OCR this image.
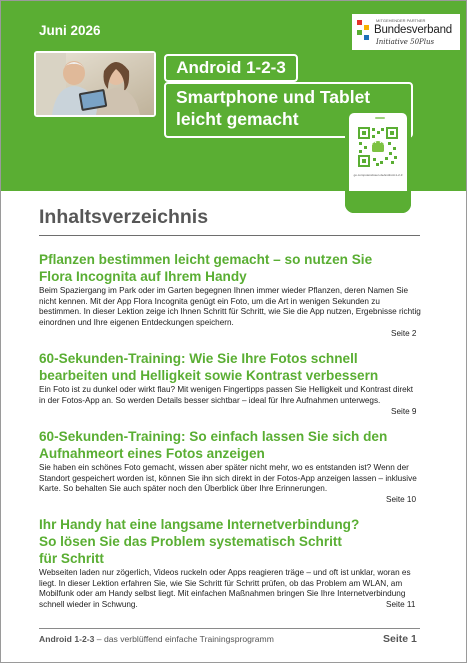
Juni 2026
MITGEHENDER PARTNER
Bundesverband
Initiative 50Plus
Android 1-2-3
Smartphone und Tablet
leicht gemacht
go.computerwissen.de/android-1-2-3
Inhaltsverzeichnis
Pflanzen bestimmen leicht gemacht – so nutzen Sie
Flora Incognita auf Ihrem Handy
Beim Spaziergang im Park oder im Garten begegnen Ihnen immer wieder Pflanzen, deren Namen Sie nicht kennen. Mit der App Flora Incognita genügt ein Foto, um die Art in wenigen Sekunden zu bestimmen. In dieser Lektion zeige ich Ihnen Schritt für Schritt, wie Sie die App nutzen, Ergebnisse richtig einordnen und Ihre eigenen Entdeckungen speichern.
Seite 2
60-Sekunden-Training: Wie Sie Ihre Fotos schnell
bearbeiten und Helligkeit sowie Kontrast verbessern
Ein Foto ist zu dunkel oder wirkt flau? Mit wenigen Fingertipps passen Sie Helligkeit und Kontrast direkt in der Fotos-App an. So werden Details besser sichtbar – ideal für Ihre Aufnahmen unterwegs.
Seite 9
60-Sekunden-Training: So einfach lassen Sie sich den
Aufnahmeort eines Fotos anzeigen
Sie haben ein schönes Foto gemacht, wissen aber später nicht mehr, wo es entstanden ist? Wenn der Standort gespeichert worden ist, können Sie ihn sich direkt in der Fotos-App anzeigen lassen – inklusive Karte. So behalten Sie auch später noch den Überblick über Ihre Erinnerungen.
Seite 10
Ihr Handy hat eine langsame Internetverbindung?
So lösen Sie das Problem systematisch Schritt
für Schritt
Webseiten laden nur zögerlich, Videos ruckeln oder Apps reagieren träge – und oft ist unklar, woran es liegt. In dieser Lektion erfahren Sie, wie Sie Schritt für Schritt prüfen, ob das Problem am WLAN, am Mobilfunk oder am Handy selbst liegt. Mit einfachen Maßnahmen bringen Sie Ihre Internetverbindung schnell wieder in Schwung.	Seite 11
Android 1-2-3 – das verblüffend einfache Trainingsprogramm	Seite 1
